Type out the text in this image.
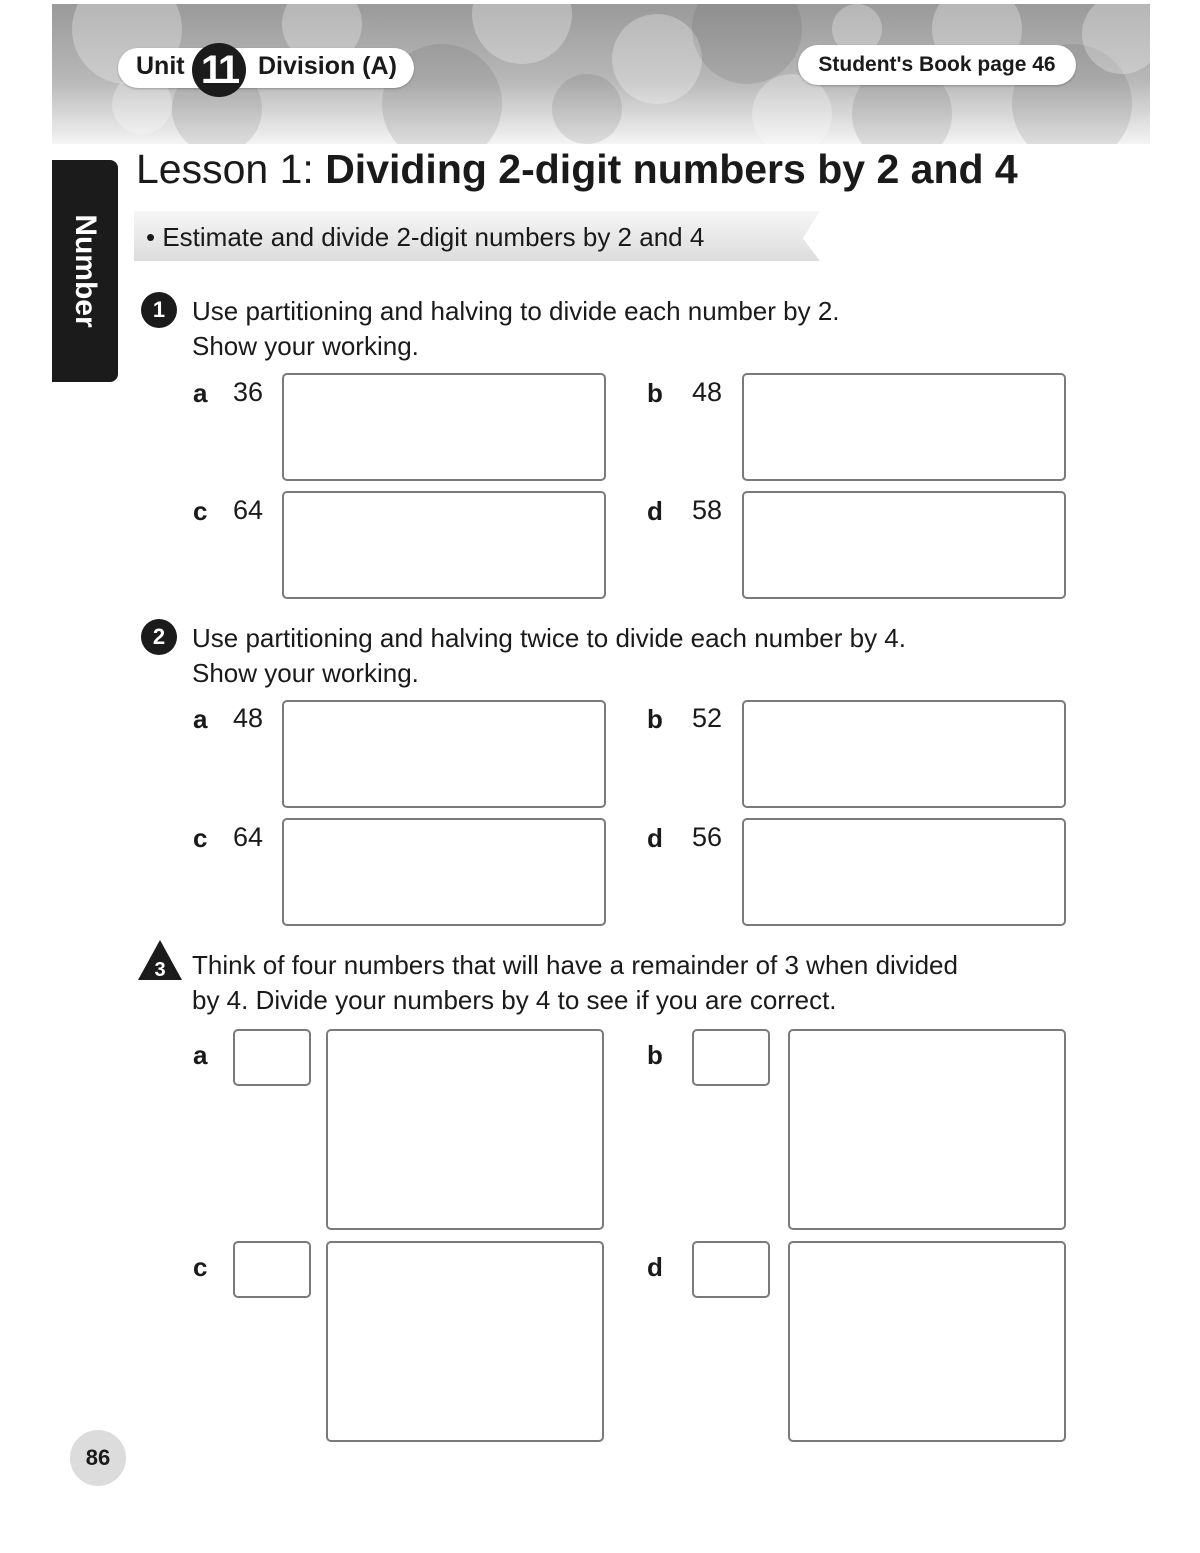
Unit 11 Division (A)	Student's Book page 46
Number
Lesson 1: Dividing 2-digit numbers by 2 and 4
• Estimate and divide 2-digit numbers by 2 and 4
1	Use partitioning and halving to divide each number by 2.
Show your working.
a 36	b 48
c 64	d 58
2	Use partitioning and halving twice to divide each number by 4.
Show your working.
a 48	b 52
c 64	d 56
3 Think of four numbers that will have a remainder of 3 when divided
by 4. Divide your numbers by 4 to see if you are correct.
a	b
c	d
86
